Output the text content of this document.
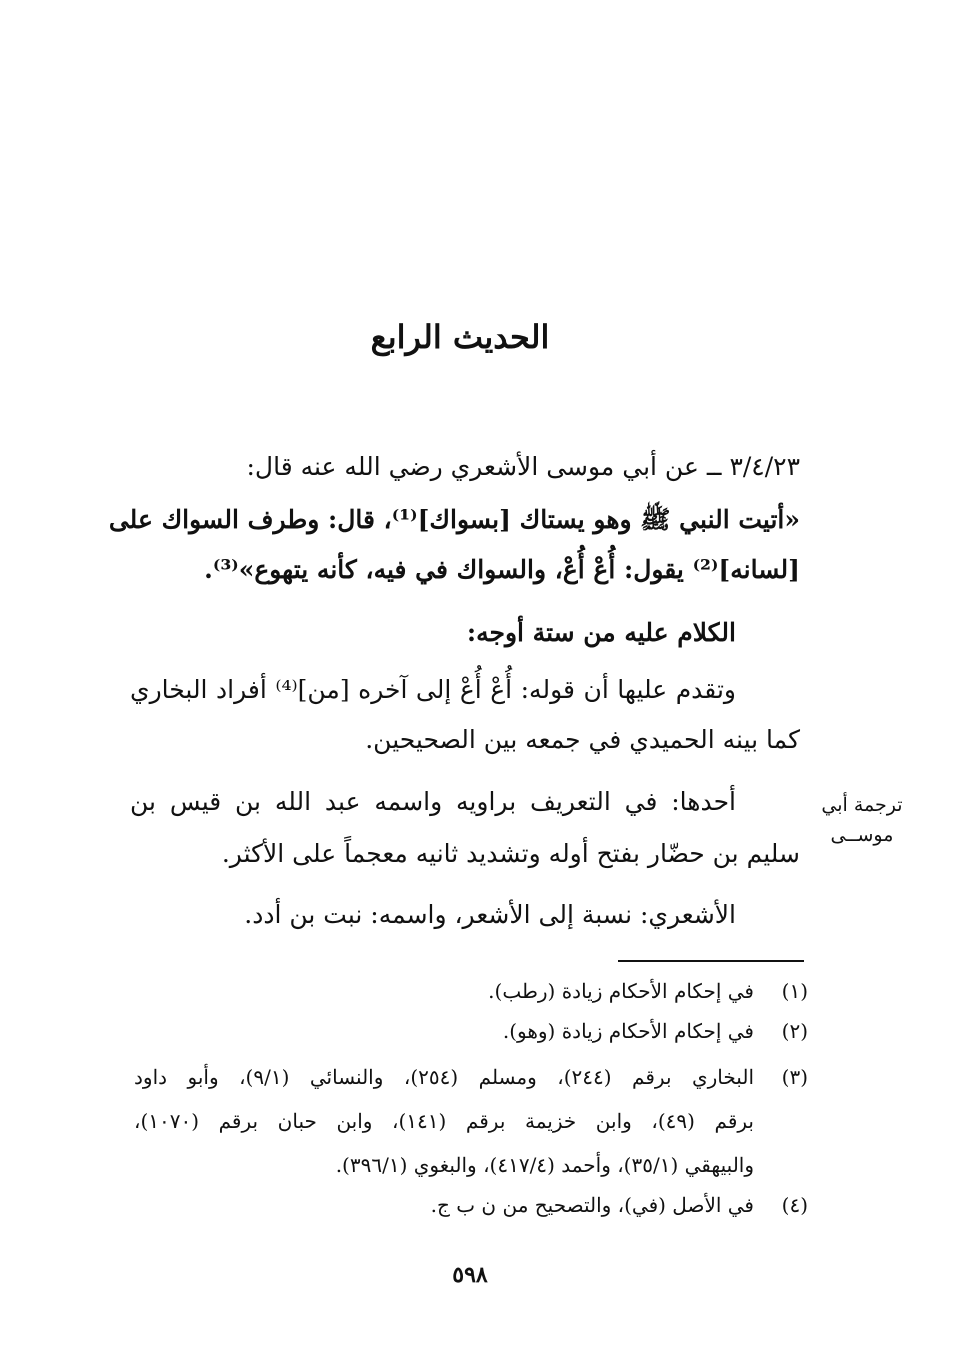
الحديث الرابع
٣/٤/٢٣ ــ عن أبي موسى الأشعري رضي الله عنه قال:
«أتيت النبي ﷺ وهو يستاك [بسواك]⁽¹⁾، قال: وطرف السواك على
[لسانه]⁽²⁾ يقول: أُعْ أُعْ، والسواك في فيه، كأنه يتهوع»⁽³⁾.
الكلام عليه من ستة أوجه:
وتقدم عليها أن قوله: أُعْ أُعْ إلى آخره [من]⁽⁴⁾ أفراد البخاري
كما بينه الحميدي في جمعه بين الصحيحين.
أحدها: في التعريف براويه واسمه عبد الله بن قيس بن
سليم بن حضّار بفتح أوله وتشديد ثانيه معجماً على الأكثر.
الأشعري: نسبة إلى الأشعر، واسمه: نبت بن أدد.
ترجمة أبي
موســى
(١)
في إحكام الأحكام زيادة (رطب).
(٢)
في إحكام الأحكام زيادة (وهو).
(٣)
البخاري برقم (٢٤٤)، ومسلم (٢٥٤)، والنسائي (٩/١)، وأبو داود
برقم (٤٩)، وابن خزيمة برقم (١٤١)، وابن حبان برقم (١٠٧٠)،
والبيهقي (٣٥/١)، وأحمد (٤١٧/٤)، والبغوي (٣٩٦/١).
(٤)
في الأصل (في)، والتصحيح من ن ب ج.
٥٩٨
